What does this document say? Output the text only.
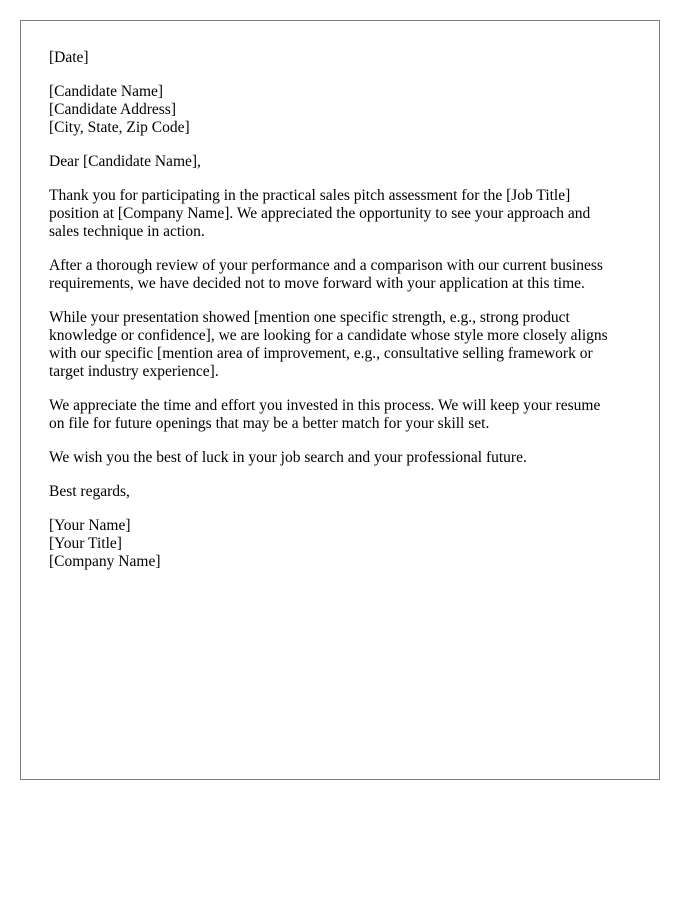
[Date]
[Candidate Name]
[Candidate Address]
[City, State, Zip Code]
Dear [Candidate Name],
Thank you for participating in the practical sales pitch assessment for the [Job Title]
position at [Company Name]. We appreciated the opportunity to see your approach and
sales technique in action.
After a thorough review of your performance and a comparison with our current business
requirements, we have decided not to move forward with your application at this time.
While your presentation showed [mention one specific strength, e.g., strong product
knowledge or confidence], we are looking for a candidate whose style more closely aligns
with our specific [mention area of improvement, e.g., consultative selling framework or
target industry experience].
We appreciate the time and effort you invested in this process. We will keep your resume
on file for future openings that may be a better match for your skill set.
We wish you the best of luck in your job search and your professional future.
Best regards,
[Your Name]
[Your Title]
[Company Name]
